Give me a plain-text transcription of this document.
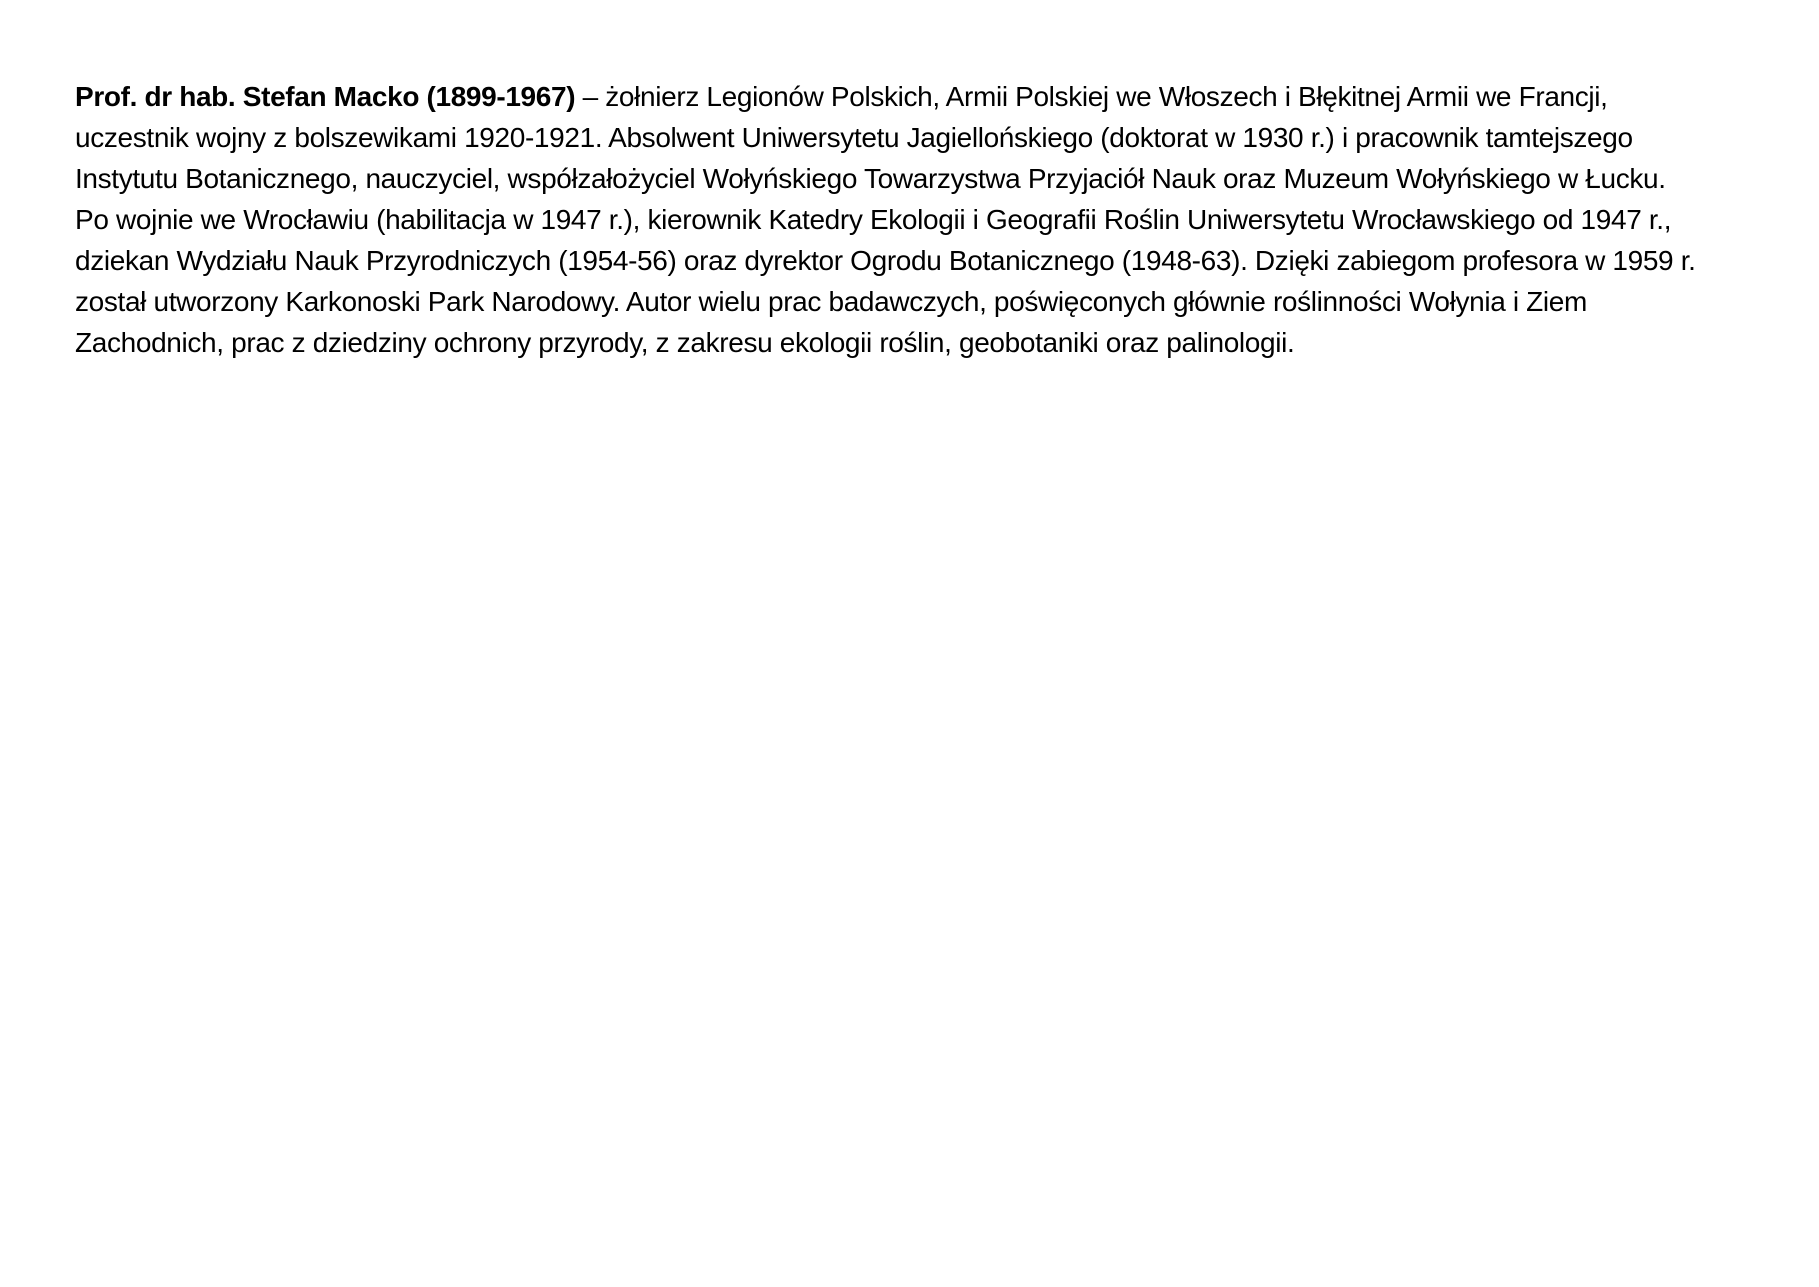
Prof. dr hab. Stefan Macko (1899-1967) – żołnierz Legionów Polskich, Armii Polskiej we Włoszech i Błękitnej Armii we Francji,
uczestnik wojny z bolszewikami 1920-1921. Absolwent Uniwersytetu Jagiellońskiego (doktorat w 1930 r.) i pracownik tamtejszego
Instytutu Botanicznego, nauczyciel, współzałożyciel Wołyńskiego Towarzystwa Przyjaciół Nauk oraz Muzeum Wołyńskiego w Łucku.
Po wojnie we Wrocławiu (habilitacja w 1947 r.), kierownik Katedry Ekologii i Geografii Roślin Uniwersytetu Wrocławskiego od 1947 r.,
dziekan Wydziału Nauk Przyrodniczych (1954-56) oraz dyrektor Ogrodu Botanicznego (1948-63). Dzięki zabiegom profesora w 1959 r.
został utworzony Karkonoski Park Narodowy. Autor wielu prac badawczych, poświęconych głównie roślinności Wołynia i Ziem
Zachodnich, prac z dziedziny ochrony przyrody, z zakresu ekologii roślin, geobotaniki oraz palinologii.
